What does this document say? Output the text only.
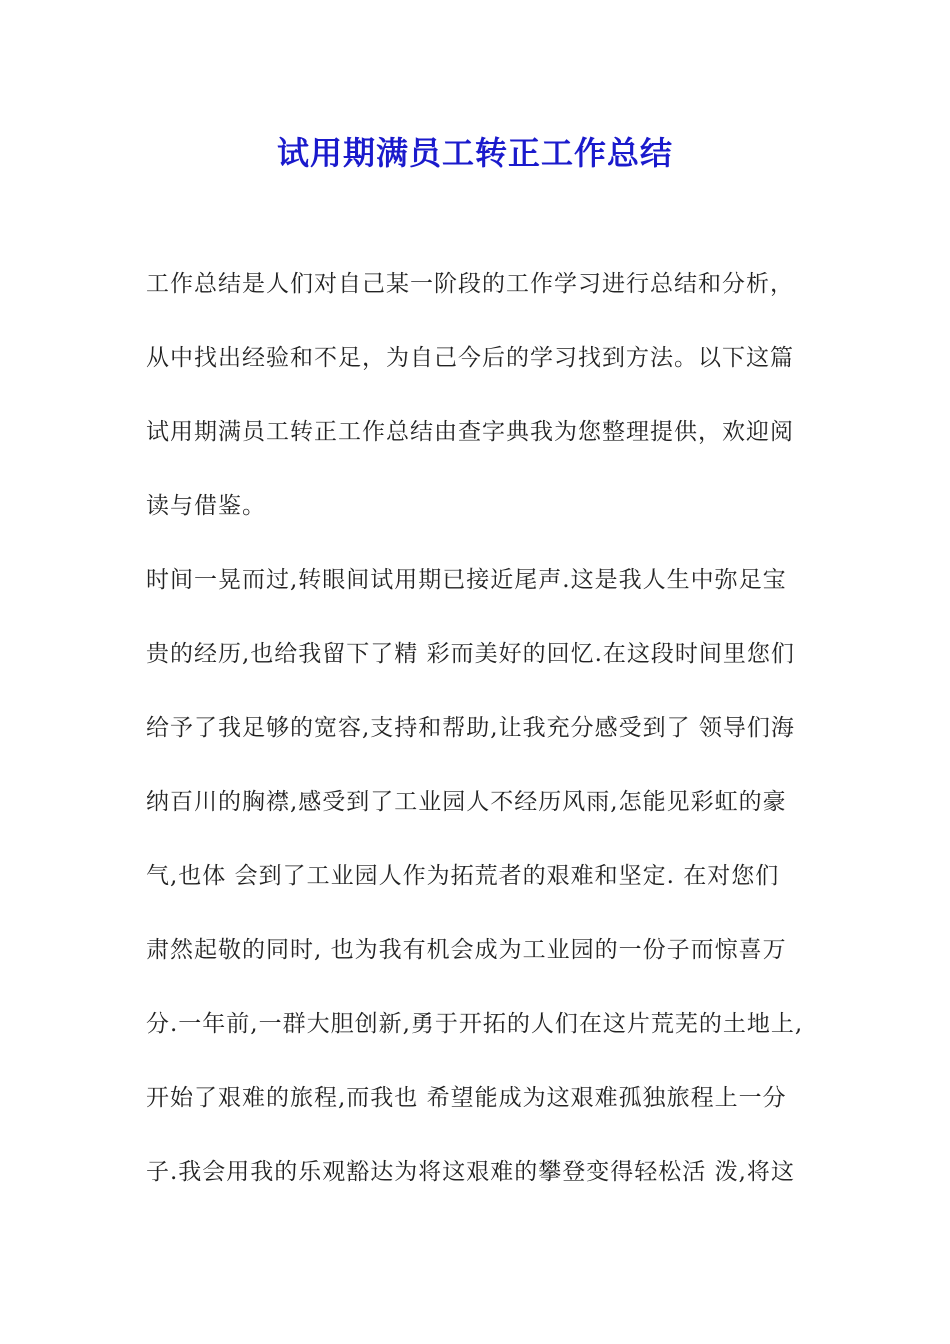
试用期满员工转正工作总结

工作总结是人们对自己某一阶段的工作学习进行总结和分析，

从中找出经验和不足，为自己今后的学习找到方法。以下这篇

试用期满员工转正工作总结由查字典我为您整理提供，欢迎阅

读与借鉴。

时间一晃而过,转眼间试用期已接近尾声.这是我人生中弥足宝

贵的经历,也给我留下了精 彩而美好的回忆.在这段时间里您们

给予了我足够的宽容,支持和帮助,让我充分感受到了 领导们海

纳百川的胸襟,感受到了工业园人不经历风雨,怎能见彩虹的豪

气,也体 会到了工业园人作为拓荒者的艰难和坚定. 在对您们

肃然起敬的同时, 也为我有机会成为工业园的一份子而惊喜万

分.一年前,一群大胆创新,勇于开拓的人们在这片荒芜的土地上,

开始了艰难的旅程,而我也 希望能成为这艰难孤独旅程上一分

子.我会用我的乐观豁达为将这艰难的攀登变得轻松活 泼,将这
